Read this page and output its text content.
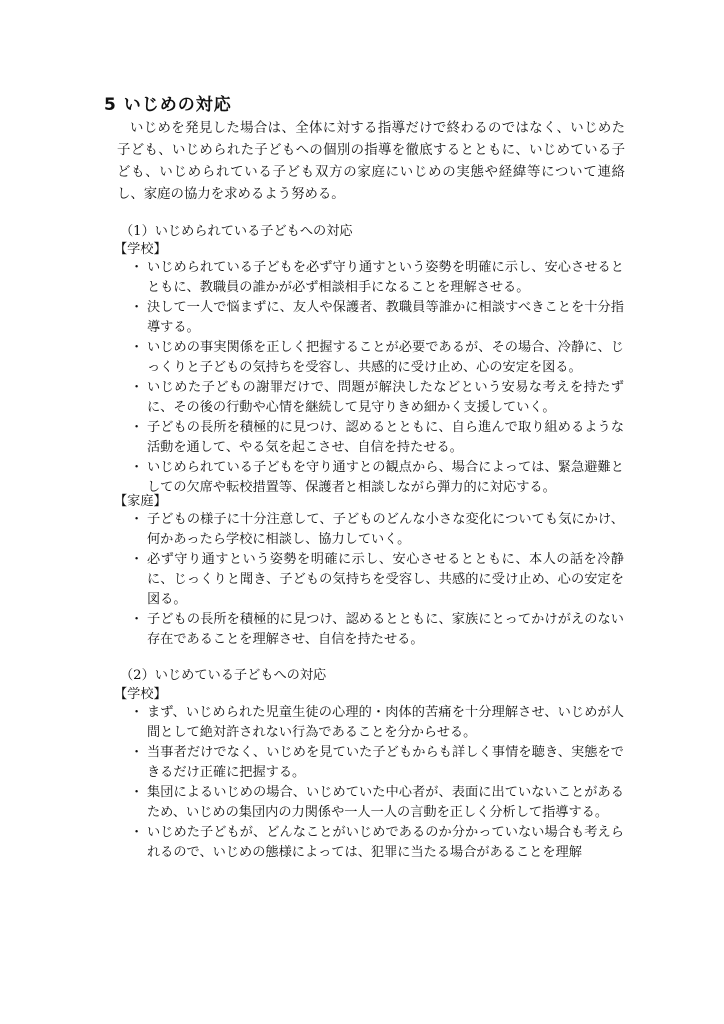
5 いじめの対応

いじめを発見した場合は、全体に対する指導だけで終わるのではなく、いじめた子ども、いじめられた子どもへの個別の指導を徹底するとともに、いじめている子ども、いじめられている子ども双方の家庭にいじめの実態や経緯等について連絡し、家庭の協力を求めるよう努める。

（1）いじめられている子どもへの対応
【学校】
・ いじめられている子どもを必ず守り通すという姿勢を明確に示し、安心させるとともに、教職員の誰かが必ず相談相手になることを理解させる。
・ 決して一人で悩まずに、友人や保護者、教職員等誰かに相談すべきことを十分指導する。
・ いじめの事実関係を正しく把握することが必要であるが、その場合、冷静に、じっくりと子どもの気持ちを受容し、共感的に受け止め、心の安定を図る。
・ いじめた子どもの謝罪だけで、問題が解決したなどという安易な考えを持たずに、その後の行動や心情を継続して見守りきめ細かく支援していく。
・ 子どもの長所を積極的に見つけ、認めるとともに、自ら進んで取り組めるような活動を通して、やる気を起こさせ、自信を持たせる。
・ いじめられている子どもを守り通すとの観点から、場合によっては、緊急避難としての欠席や転校措置等、保護者と相談しながら弾力的に対応する。
【家庭】
・ 子どもの様子に十分注意して、子どものどんな小さな変化についても気にかけ、何かあったら学校に相談し、協力していく。
・ 必ず守り通すという姿勢を明確に示し、安心させるとともに、本人の話を冷静に、じっくりと聞き、子どもの気持ちを受容し、共感的に受け止め、心の安定を図る。
・ 子どもの長所を積極的に見つけ、認めるとともに、家族にとってかけがえのない存在であることを理解させ、自信を持たせる。
（2）いじめている子どもへの対応
【学校】
・ まず、いじめられた児童生徒の心理的・肉体的苦痛を十分理解させ、いじめが人間として絶対許されない行為であることを分からせる。
・ 当事者だけでなく、いじめを見ていた子どもからも詳しく事情を聴き、実態をできるだけ正確に把握する。
・ 集団によるいじめの場合、いじめていた中心者が、表面に出ていないことがあるため、いじめの集団内の力関係や一人一人の言動を正しく分析して指導する。
・ いじめた子どもが、どんなことがいじめであるのか分かっていない場合も考えられるので、いじめの態様によっては、犯罪に当たる場合があることを理解
